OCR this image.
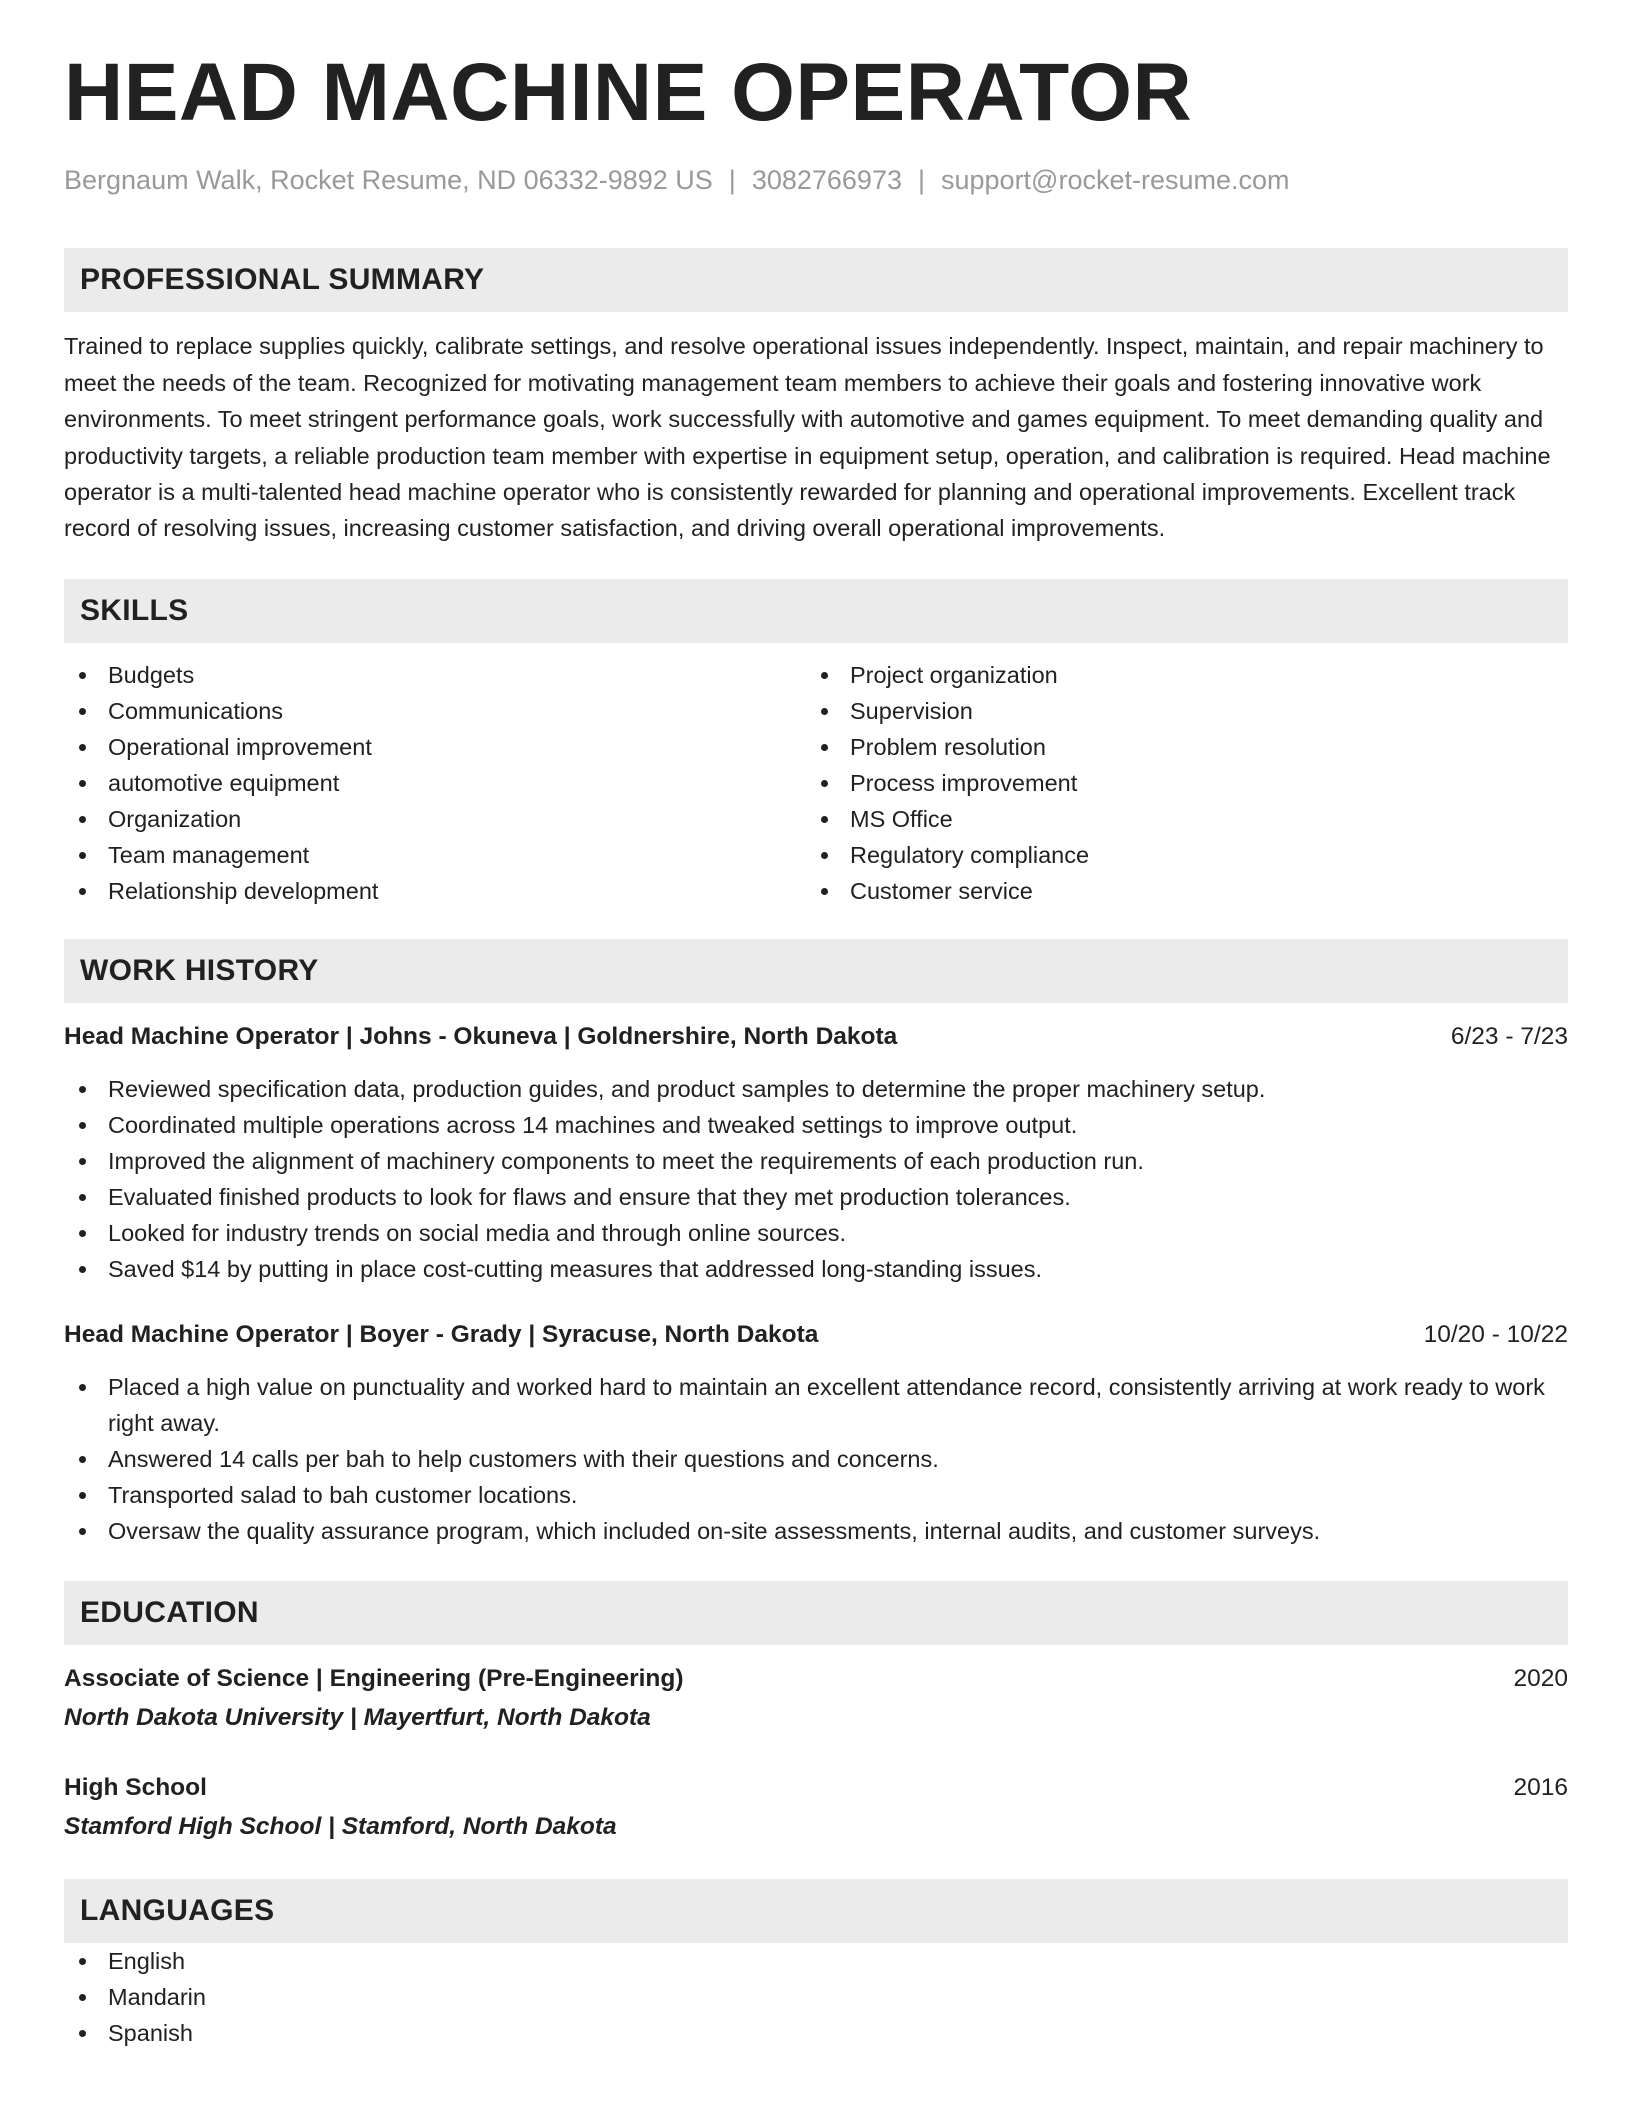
HEAD MACHINE OPERATOR
Bergnaum Walk, Rocket Resume, ND 06332-9892 US | 3082766973 | support@rocket-resume.com
PROFESSIONAL SUMMARY

Trained to replace supplies quickly, calibrate settings, and resolve operational issues independently. Inspect, maintain, and repair machinery to meet the needs of the team. Recognized for motivating management team members to achieve their goals and fostering innovative work environments. To meet stringent performance goals, work successfully with automotive and games equipment. To meet demanding quality and productivity targets, a reliable production team member with expertise in equipment setup, operation, and calibration is required. Head machine operator is a multi-talented head machine operator who is consistently rewarded for planning and operational improvements. Excellent track record of resolving issues, increasing customer satisfaction, and driving overall operational improvements.

SKILLS
Budgets
Communications
Operational improvement
automotive equipment
Organization
Team management
Relationship development
Project organization
Supervision
Problem resolution
Process improvement
MS Office
Regulatory compliance
Customer service
WORK HISTORY
Head Machine Operator | Johns - Okuneva | Goldnershire, North Dakota	6/23 - 7/23
Reviewed specification data, production guides, and product samples to determine the proper machinery setup.
Coordinated multiple operations across 14 machines and tweaked settings to improve output.
Improved the alignment of machinery components to meet the requirements of each production run.
Evaluated finished products to look for flaws and ensure that they met production tolerances.
Looked for industry trends on social media and through online sources.
Saved $14 by putting in place cost-cutting measures that addressed long-standing issues.
Head Machine Operator | Boyer - Grady | Syracuse, North Dakota	10/20 - 10/22
Placed a high value on punctuality and worked hard to maintain an excellent attendance record, consistently arriving at work ready to work right away.
Answered 14 calls per bah to help customers with their questions and concerns.
Transported salad to bah customer locations.
Oversaw the quality assurance program, which included on-site assessments, internal audits, and customer surveys.
EDUCATION
Associate of Science | Engineering (Pre-Engineering)	2020
North Dakota University | Mayertfurt, North Dakota
High School	2016
Stamford High School | Stamford, North Dakota
LANGUAGES
English
Mandarin
Spanish
